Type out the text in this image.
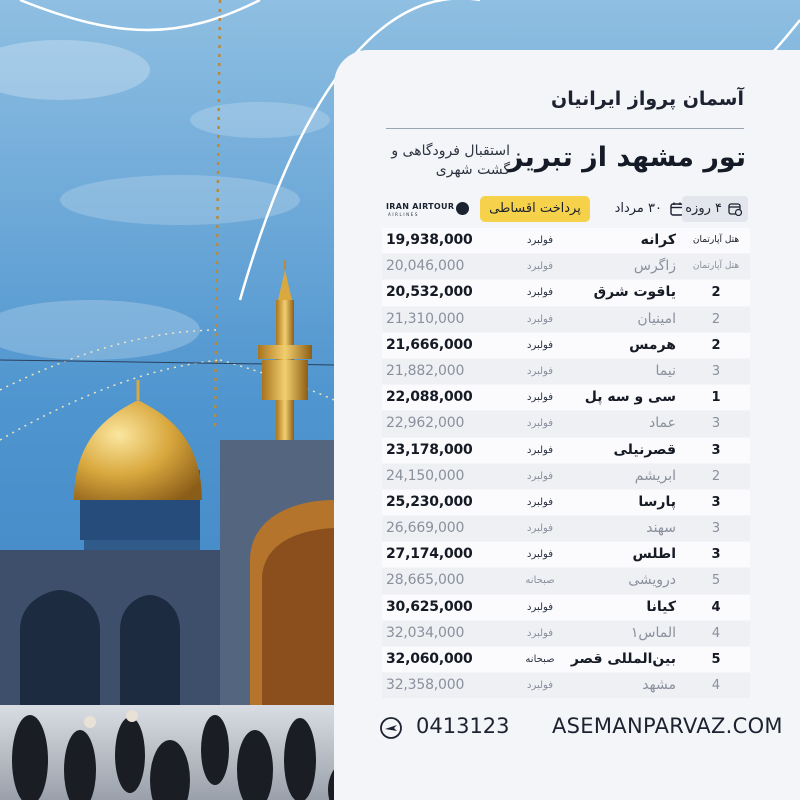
آسمان پرواز ایرانیان
تور مشهد از تبریز
استقبال فرودگاهی و گشت شهری
IRAN AIRTOUR
AIRLINES	پرداخت اقساطی	۳۰ مرداد ۴ روزه
19,938,000	فولبرد	کرانه	هتل آپارتمان
20,046,000	فولبرد	زاگرس	هتل آپارتمان
20,532,000	فولبرد	یاقوت شرق	2
21,310,000	فولبرد	امینیان	2
21,666,000	فولبرد	هرمس	2
21,882,000	فولبرد	نیما	3
22,088,000	فولبرد	سی و سه پل	1
22,962,000	فولبرد	عماد	3
23,178,000	فولبرد	قصرنیلی	3
24,150,000	فولبرد	ابریشم	2
25,230,000	فولبرد	پارسا	3
26,669,000	فولبرد	سهند	3
27,174,000	فولبرد	اطلس	3
28,665,000	صبحانه	درویشی	5
30,625,000	فولبرد	کیانا	4
32,034,000	فولبرد	الماس۱	4
32,060,000	صبحانه	بین‌المللی قصر	5
32,358,000	فولبرد	مشهد	4
0413123 ASEMANPARVAZ.COM
